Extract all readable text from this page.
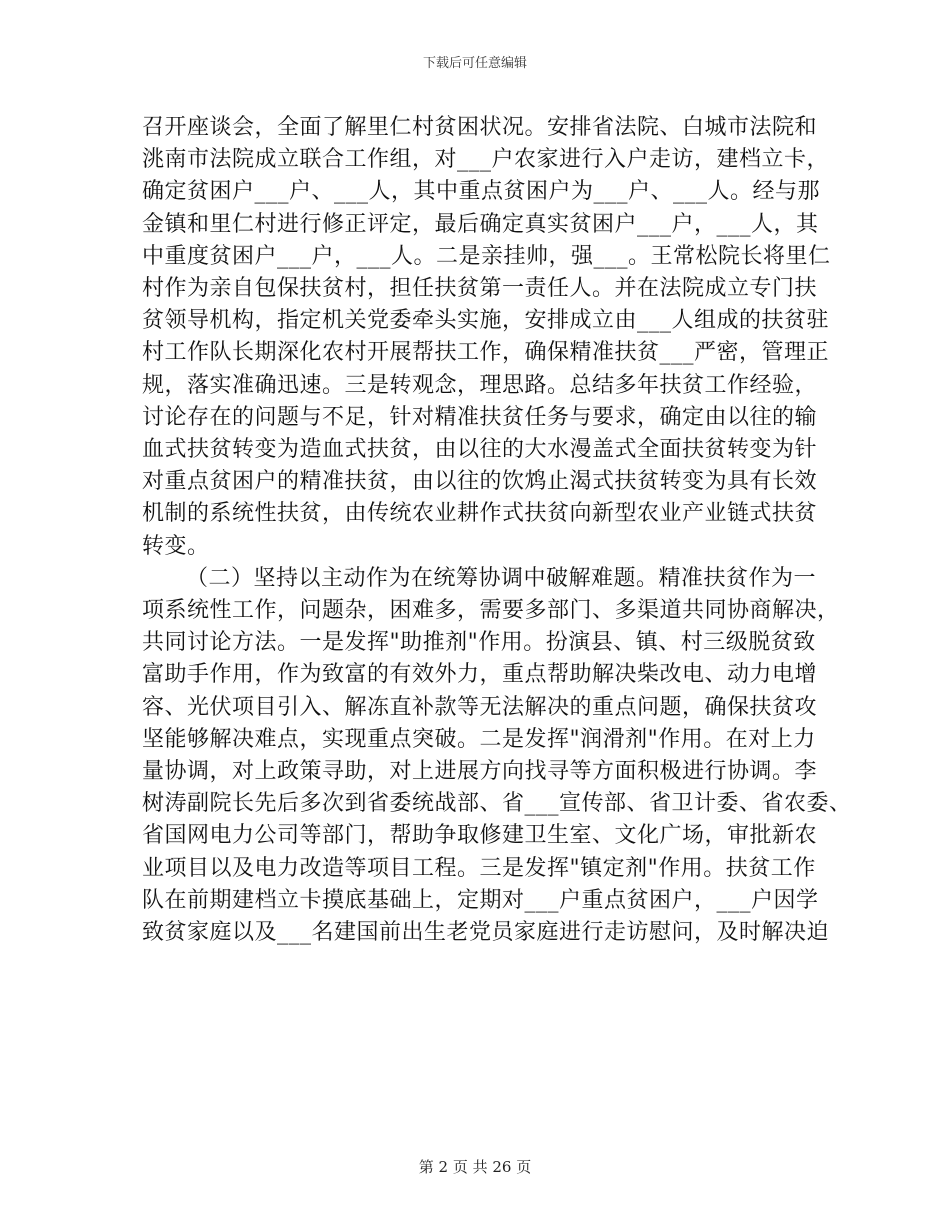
下载后可任意编辑
召开座谈会，全面了解里仁村贫困状况。安排省法院、白城市法院和
洮南市法院成立联合工作组，对___户农家进行入户走访，建档立卡，
确定贫困户___户、___人，其中重点贫困户为___户、___人。经与那
金镇和里仁村进行修正评定，最后确定真实贫困户___户，___人，其
中重度贫困户___户，___人。二是亲挂帅，强___。王常松院长将里仁
村作为亲自包保扶贫村，担任扶贫第一责任人。并在法院成立专门扶
贫领导机构，指定机关党委牵头实施，安排成立由___人组成的扶贫驻
村工作队长期深化农村开展帮扶工作，确保精准扶贫___严密，管理正
规，落实准确迅速。三是转观念，理思路。总结多年扶贫工作经验，
讨论存在的问题与不足，针对精准扶贫任务与要求，确定由以往的输
血式扶贫转变为造血式扶贫，由以往的大水漫盖式全面扶贫转变为针
对重点贫困户的精准扶贫，由以往的饮鸩止渴式扶贫转变为具有长效
机制的系统性扶贫，由传统农业耕作式扶贫向新型农业产业链式扶贫
转变。
（二）坚持以主动作为在统筹协调中破解难题。精准扶贫作为一
项系统性工作，问题杂，困难多，需要多部门、多渠道共同协商解决，
共同讨论方法。一是发挥"助推剂"作用。扮演县、镇、村三级脱贫致
富助手作用，作为致富的有效外力，重点帮助解决柴改电、动力电增
容、光伏项目引入、解冻直补款等无法解决的重点问题，确保扶贫攻
坚能够解决难点，实现重点突破。二是发挥"润滑剂"作用。在对上力
量协调，对上政策寻助，对上进展方向找寻等方面积极进行协调。李
树涛副院长先后多次到省委统战部、省___宣传部、省卫计委、省农委、
省国网电力公司等部门，帮助争取修建卫生室、文化广场，审批新农
业项目以及电力改造等项目工程。三是发挥"镇定剂"作用。扶贫工作
队在前期建档立卡摸底基础上，定期对___户重点贫困户，___户因学
致贫家庭以及___名建国前出生老党员家庭进行走访慰问，及时解决迫
第 2 页 共 26 页
